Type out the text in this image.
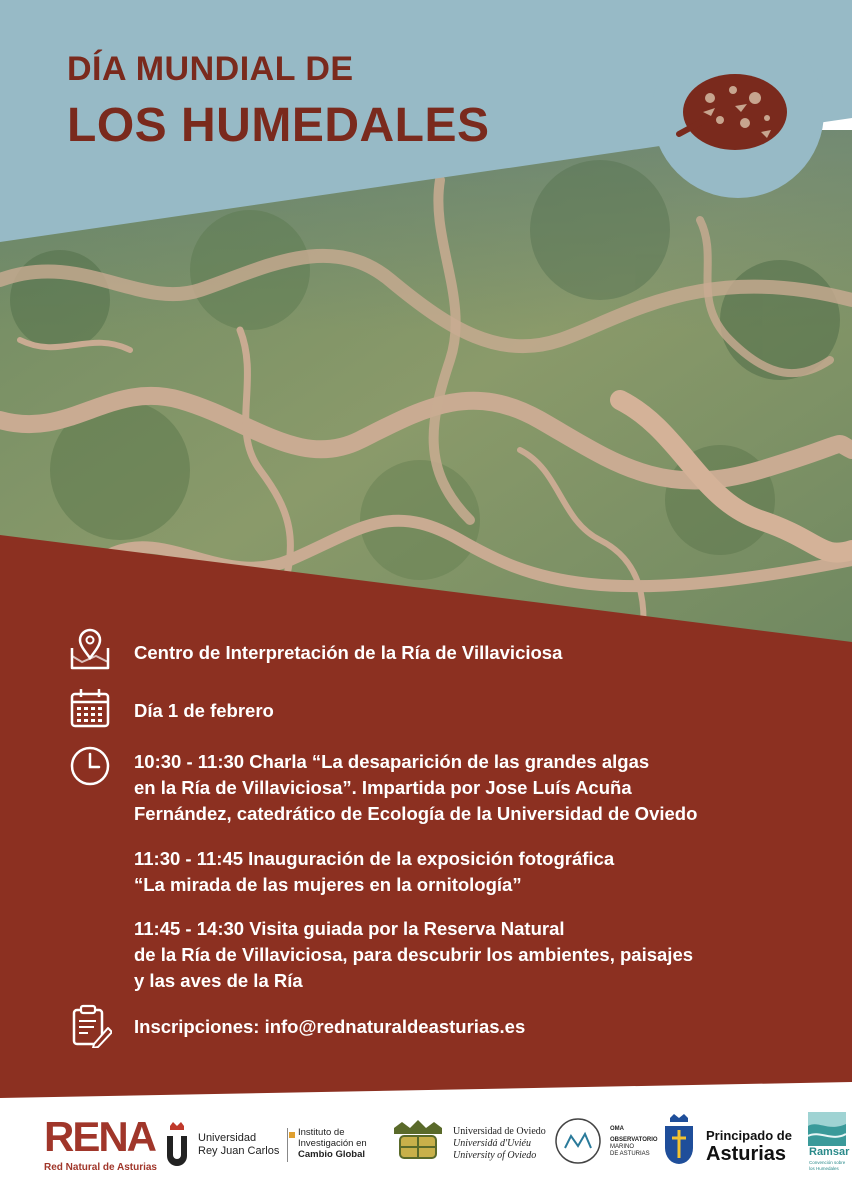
DÍA MUNDIAL DE
LOS HUMEDALES
Centro de Interpretación de la Ría de Villaviciosa
Día 1 de febrero
10:30 - 11:30 Charla “La desaparición de las grandes algas
en la Ría de Villaviciosa”. Impartida por Jose Luís Acuña
Fernández, catedrático de Ecología de la Universidad de Oviedo
11:30 - 11:45 Inauguración de la exposición fotográfica
“La mirada de las mujeres en la ornitología”
11:45 - 14:30 Visita guiada por la Reserva Natural
de la Ría de Villaviciosa, para descubrir los ambientes, paisajes
y las aves de la Ría
Inscripciones: info@rednaturaldeasturias.es
RENA
Red Natural de Asturias
Universidad
Rey Juan Carlos
Instituto de
Investigación en
Cambio Global
Universidad de Oviedo
Universidá d'Uviéu
University of Oviedo
OMA
OBSERVATORIO
MARINO
DE ASTURIAS
Principado de
Asturias Ramsar
Convención sobre
los Humedales
